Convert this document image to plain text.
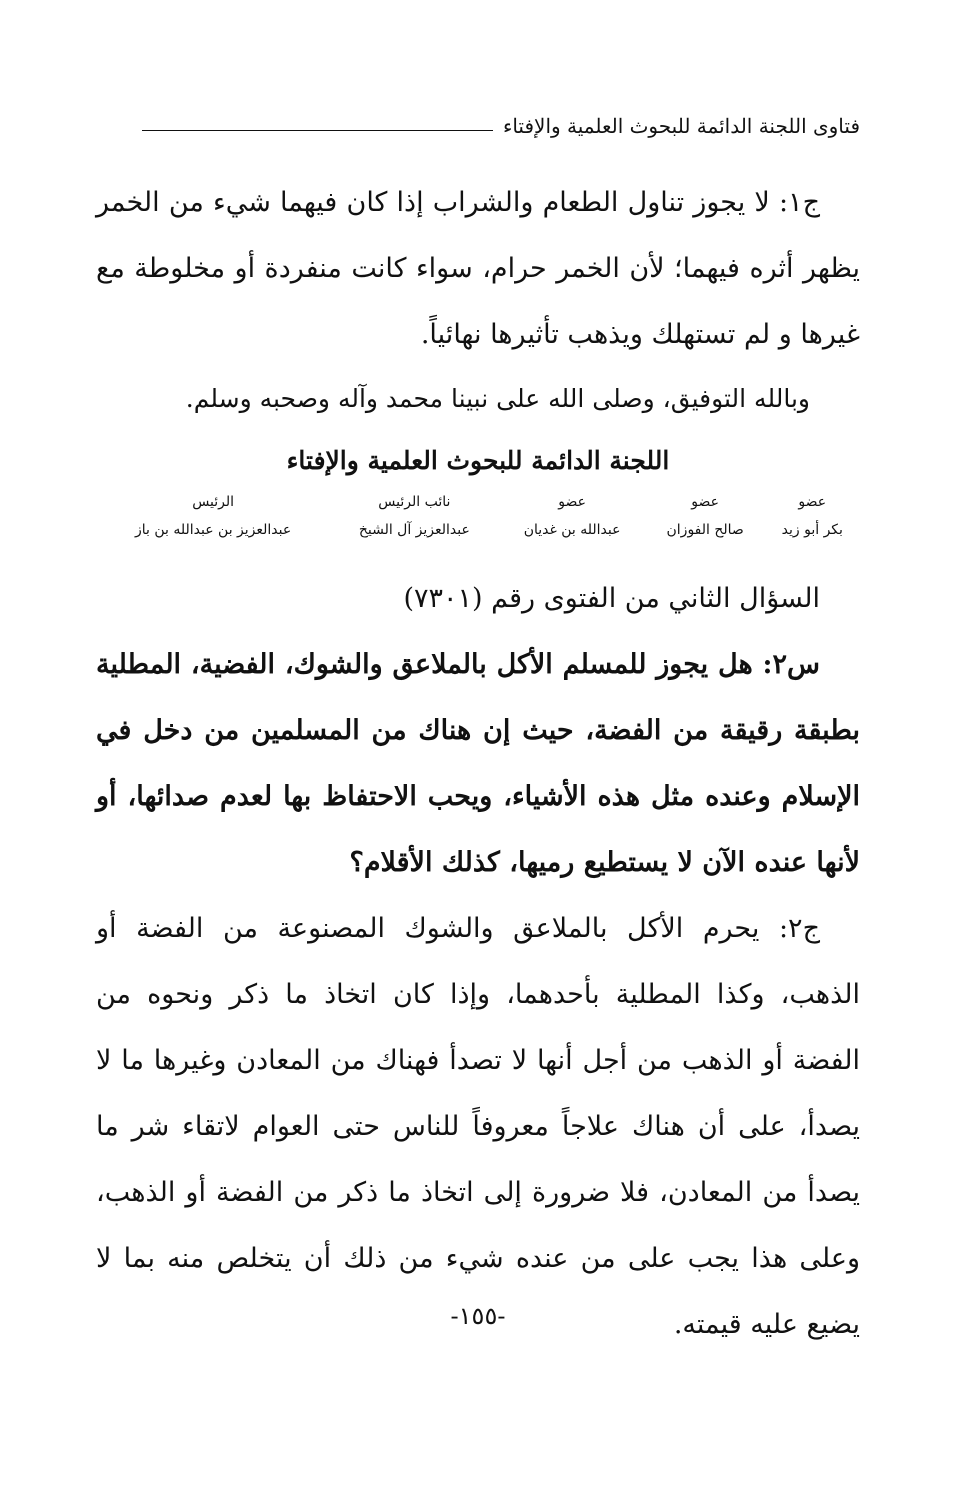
فتاوى اللجنة الدائمة للبحوث العلمية والإفتاء

ج١: لا يجوز تناول الطعام والشراب إذا كان فيهما شيء من الخمر يظهر أثره فيهما؛ لأن الخمر حرام، سواء كانت منفردة أو مخلوطة مع غيرها و لم تستهلك ويذهب تأثيرها نهائياً.

وبالله التوفيق، وصلى الله على نبينا محمد وآله وصحبه وسلم.

اللجنة الدائمة للبحوث العلمية والإفتاء
عضو	عضو	عضو	نائب الرئيس	الرئيس
بكر أبو زيد	صالح الفوزان	عبدالله بن غديان	عبدالعزيز آل الشيخ	عبدالعزيز بن عبدالله بن باز

السؤال الثاني من الفتوى رقم (٧٣٠١)

س٢: هل يجوز للمسلم الأكل بالملاعق والشوك، الفضية، المطلية بطبقة رقيقة من الفضة، حيث إن هناك من المسلمين من دخل في الإسلام وعنده مثل هذه الأشياء، ويحب الاحتفاظ بها لعدم صدائها، أو لأنها عنده الآن لا يستطيع رميها، كذلك الأقلام؟

ج٢: يحرم الأكل بالملاعق والشوك المصنوعة من الفضة أو الذهب، وكذا المطلية بأحدهما، وإذا كان اتخاذ ما ذكر ونحوه من الفضة أو الذهب من أجل أنها لا تصدأ فهناك من المعادن وغيرها ما لا يصدأ، على أن هناك علاجاً معروفاً للناس حتى العوام لاتقاء شر ما يصدأ من المعادن، فلا ضرورة إلى اتخاذ ما ذكر من الفضة أو الذهب، وعلى هذا يجب على من عنده شيء من ذلك أن يتخلص منه بما لا يضيع عليه قيمته.

-١٥٥-
